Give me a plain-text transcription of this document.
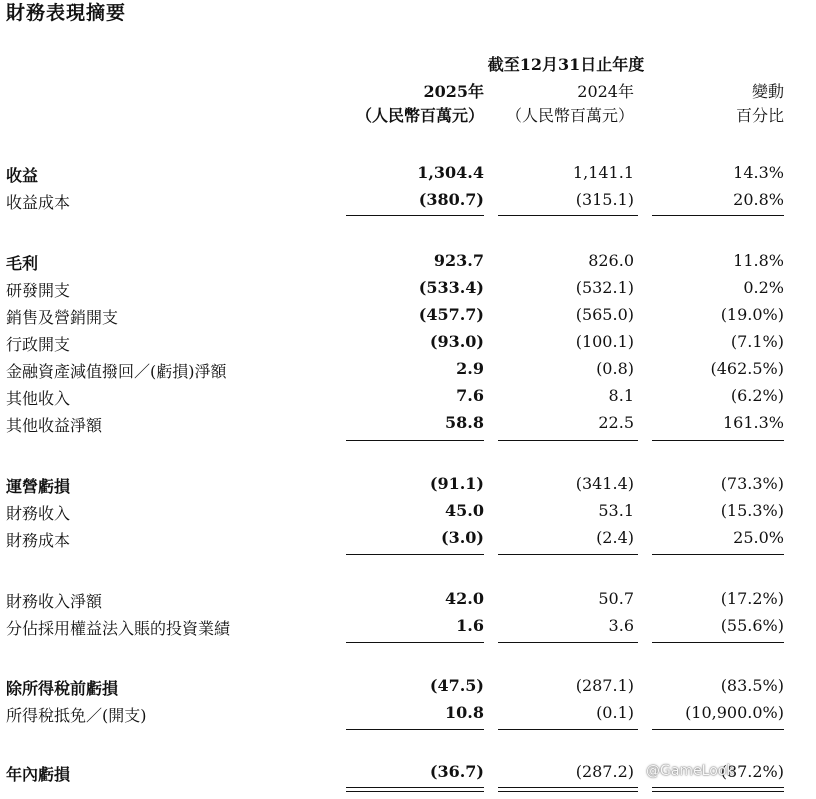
財務表現摘要
截至12月31日止年度
2025年
（人民幣百萬元）
2024年
（人民幣百萬元）
變動
百分比
收益	1,304.4	1,141.1	14.3%
收益成本	(380.7)	(315.1)	20.8%
毛利	923.7	826.0	11.8%
研發開支	(533.4)	(532.1)	0.2%
銷售及營銷開支	(457.7)	(565.0)	(19.0%)
行政開支	(93.0)	(100.1)	(7.1%)
金融資產減值撥回／(虧損)淨額	2.9	(0.8)	(462.5%)
其他收入	7.6	8.1	(6.2%)
其他收益淨額	58.8	22.5	161.3%
運營虧損	(91.1)	(341.4)	(73.3%)
財務收入	45.0	53.1	(15.3%)
財務成本	(3.0)	(2.4)	25.0%
財務收入淨額	42.0	50.7	(17.2%)
分佔採用權益法入賬的投資業績	1.6	3.6	(55.6%)
除所得稅前虧損	(47.5)	(287.1)	(83.5%)
所得稅抵免／(開支)	10.8	(0.1)	(10,900.0%)
年內虧損	(36.7)	(287.2)	(87.2%)
@GameLook
